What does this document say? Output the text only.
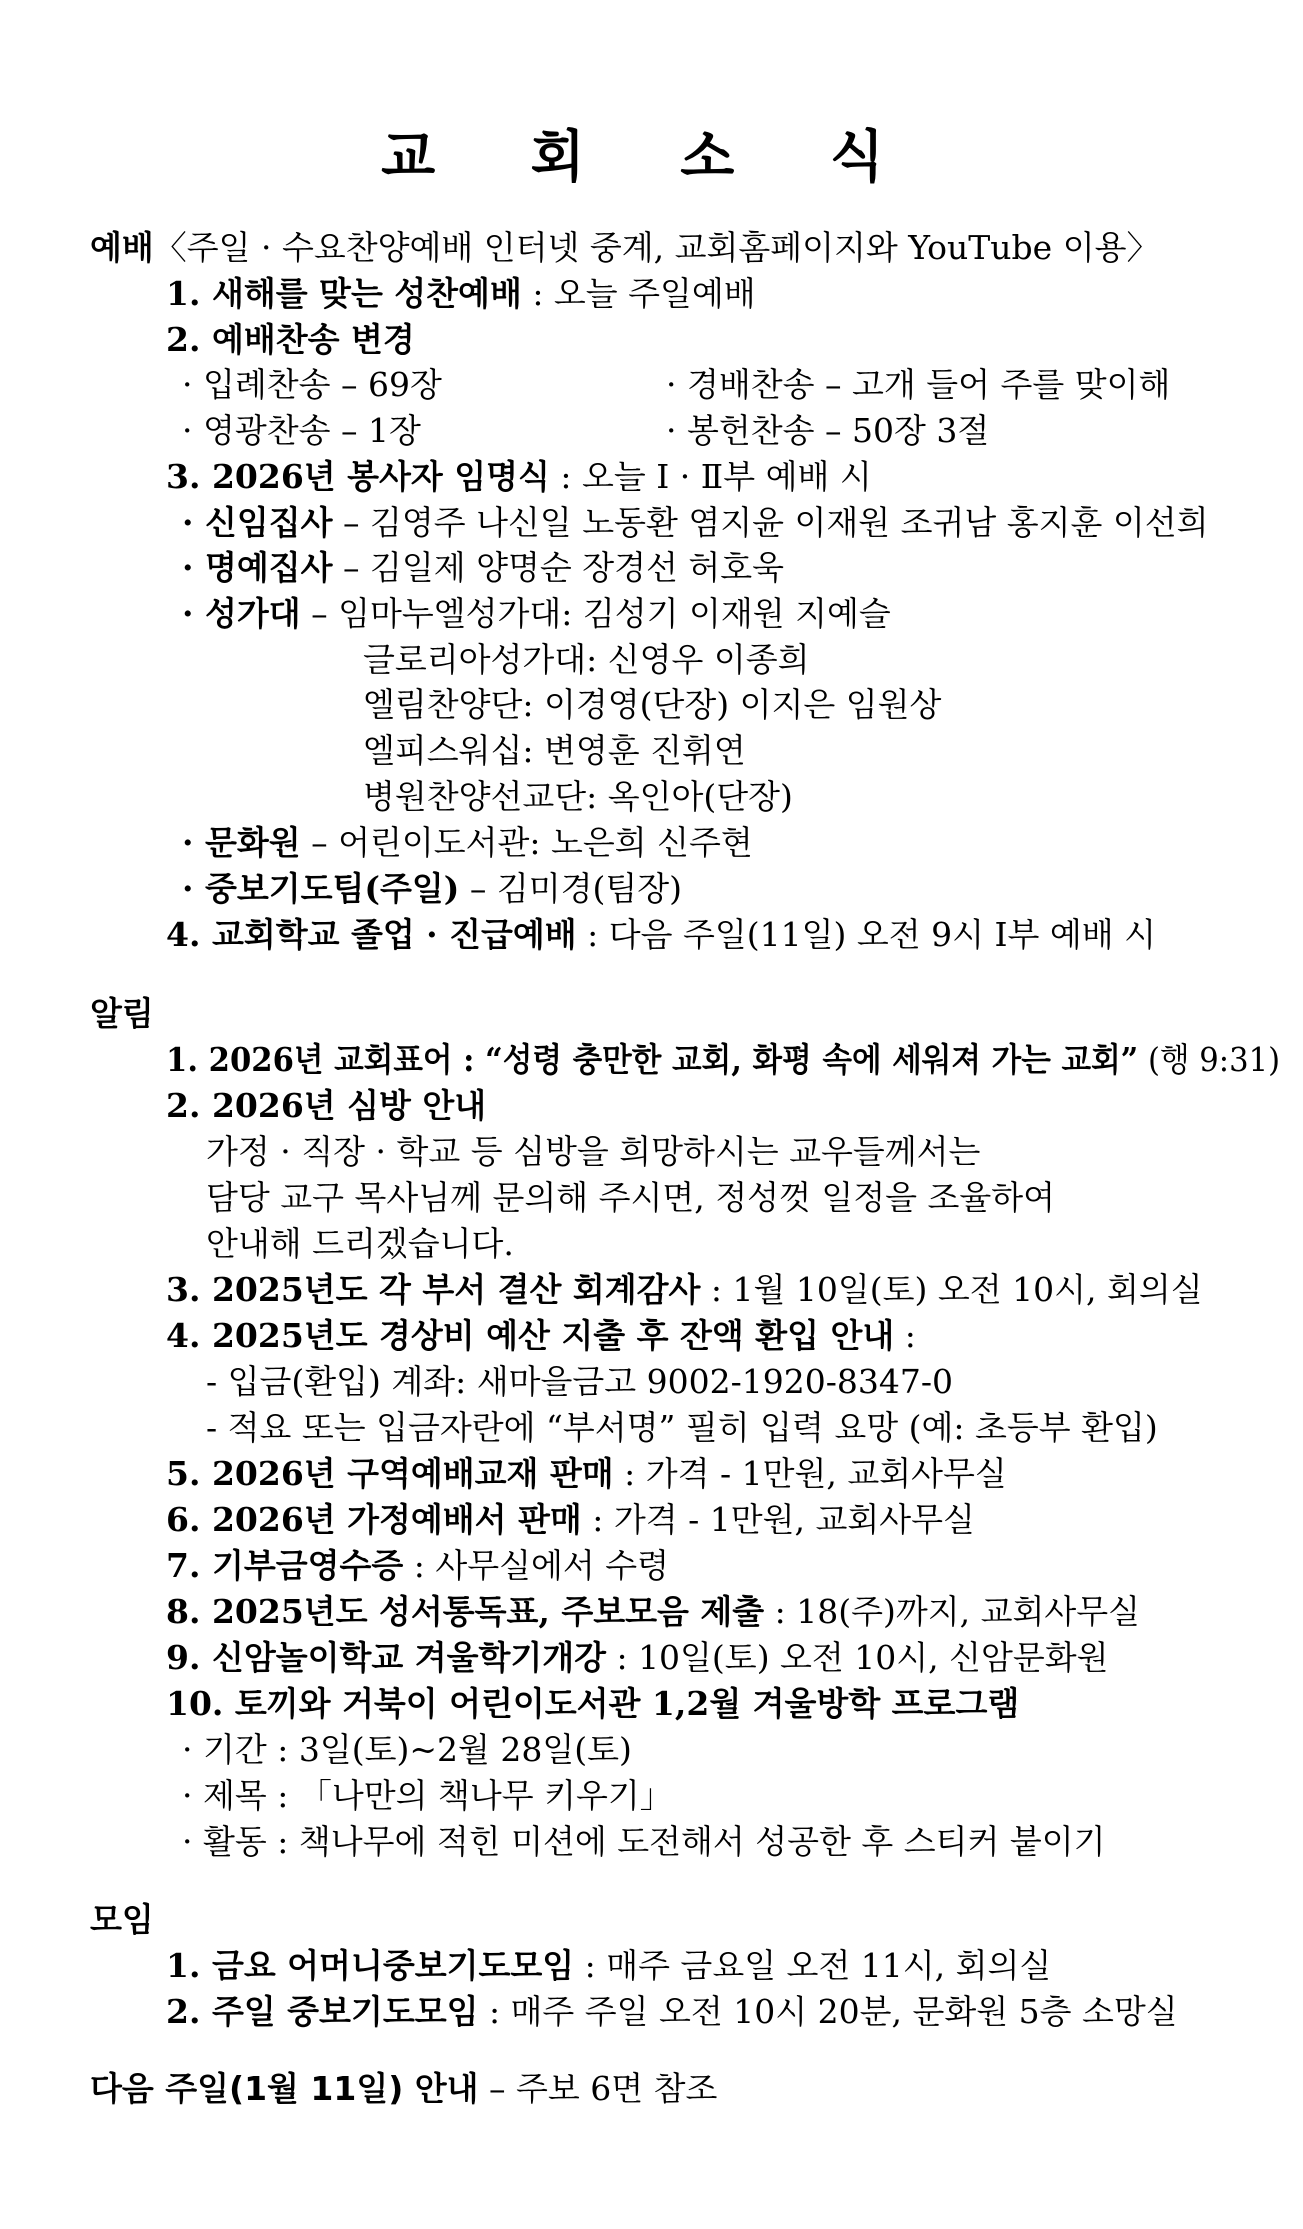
교 회 소 식
예배〈주일 · 수요찬양예배 인터넷 중계, 교회홈페이지와 YouTube 이용〉
1. 새해를 맞는 성찬예배 : 오늘 주일예배
2. 예배찬송 변경
· 입례찬송 – 69장	· 경배찬송 – 고개 들어 주를 맞이해
· 영광찬송 – 1장	· 봉헌찬송 – 50장 3절
3. 2026년 봉사자 임명식 : 오늘 Ⅰ · Ⅱ부 예배 시
· 신임집사 – 김영주 나신일 노동환 염지윤 이재원 조귀남 홍지훈 이선희
· 명예집사 – 김일제 양명순 장경선 허호욱
· 성가대 – 임마누엘성가대: 김성기 이재원 지예슬
글로리아성가대: 신영우 이종희
엘림찬양단: 이경영(단장) 이지은 임원상
엘피스워십: 변영훈 진휘연
병원찬양선교단: 옥인아(단장)
· 문화원 – 어린이도서관: 노은희 신주현
· 중보기도팀(주일) – 김미경(팀장)
4. 교회학교 졸업 · 진급예배 : 다음 주일(11일) 오전 9시 Ⅰ부 예배 시
알림
1. 2026년 교회표어 : “성령 충만한 교회, 화평 속에 세워져 가는 교회” (행 9:31)
2. 2026년 심방 안내
가정 · 직장 · 학교 등 심방을 희망하시는 교우들께서는
담당 교구 목사님께 문의해 주시면, 정성껏 일정을 조율하여
안내해 드리겠습니다.
3. 2025년도 각 부서 결산 회계감사 : 1월 10일(토) 오전 10시, 회의실
4. 2025년도 경상비 예산 지출 후 잔액 환입 안내 :
- 입금(환입) 계좌: 새마을금고 9002-1920-8347-0
- 적요 또는 입금자란에 “부서명” 필히 입력 요망 (예: 초등부 환입)
5. 2026년 구역예배교재 판매 : 가격 - 1만원, 교회사무실
6. 2026년 가정예배서 판매 : 가격 - 1만원, 교회사무실
7. 기부금영수증 : 사무실에서 수령
8. 2025년도 성서통독표, 주보모음 제출 : 18(주)까지, 교회사무실
9. 신암놀이학교 겨울학기개강 : 10일(토) 오전 10시, 신암문화원
10. 토끼와 거북이 어린이도서관 1,2월 겨울방학 프로그램
· 기간 : 3일(토)~2월 28일(토)
· 제목 : 「나만의 책나무 키우기」
· 활동 : 책나무에 적힌 미션에 도전해서 성공한 후 스티커 붙이기
모임
1. 금요 어머니중보기도모임 : 매주 금요일 오전 11시, 회의실
2. 주일 중보기도모임 : 매주 주일 오전 10시 20분, 문화원 5층 소망실
다음 주일(1월 11일) 안내 – 주보 6면 참조
